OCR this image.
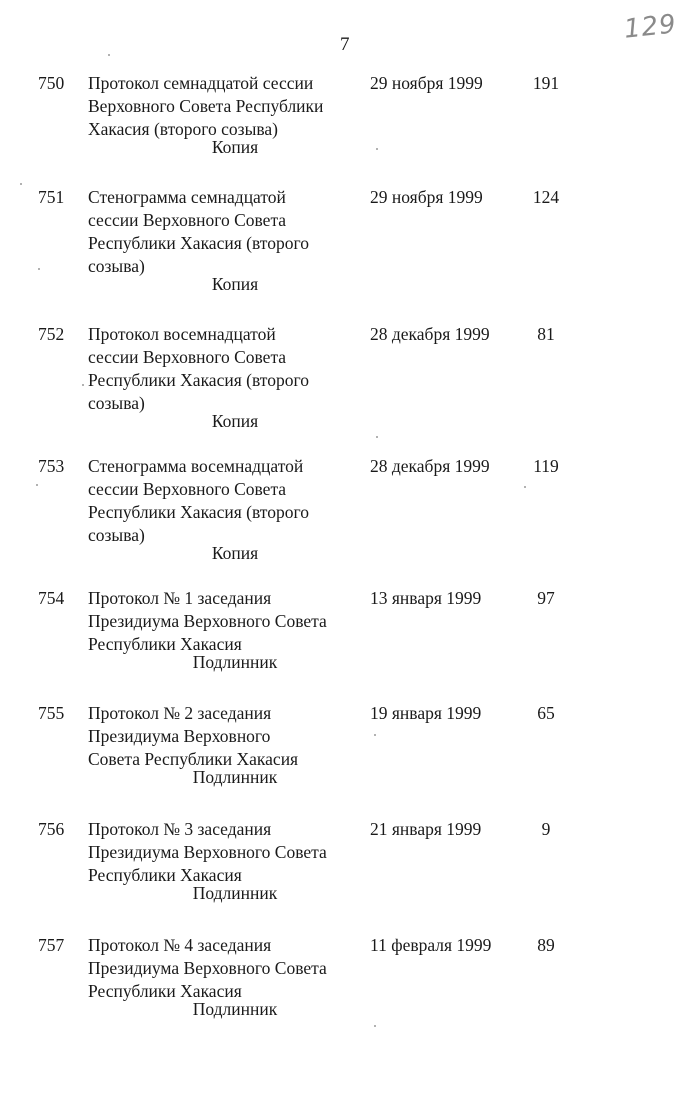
7	129
750 Протокол семнадцатой сессии
Верховного Совета Республики
Хакасия (второго созыва)
29 ноября 1999	191
Копия
751 Стенограмма семнадцатой
сессии Верховного Совета
Республики Хакасия (второго
созыва)
29 ноября 1999	124
Копия
752 Протокол восемнадцатой
сессии Верховного Совета
Республики Хакасия (второго
созыва)
28 декабря 1999	81
Копия
753 Стенограмма восемнадцатой
сессии Верховного Совета
Республики Хакасия (второго
созыва)
28 декабря 1999	119
Копия
754 Протокол № 1 заседания
Президиума Верховного Совета
Республики Хакасия
13 января 1999	97
Подлинник
755 Протокол № 2 заседания
Президиума Верховного
Совета Республики Хакасия
19 января 1999	65
Подлинник
756 Протокол № 3 заседания
Президиума Верховного Совета
Республики Хакасия
21 января 1999	9
Подлинник
757 Протокол № 4 заседания
Президиума Верховного Совета
Республики Хакасия
11 февраля 1999	89
Подлинник
